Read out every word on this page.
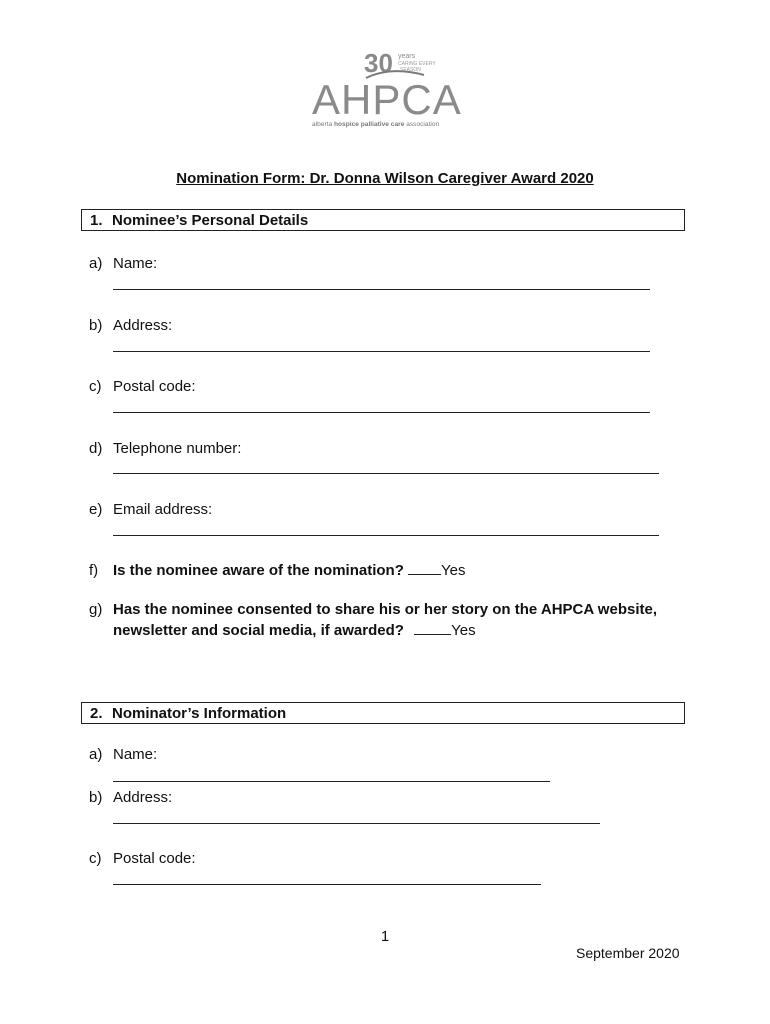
30 years
CARING EVERY
SEASON
AHPCA
alberta hospice palliative care association
Nomination Form: Dr. Donna Wilson Caregiver Award 2020
1. Nominee’s Personal Details
a) Name:
b) Address:
c) Postal code:
d) Telephone number:
e) Email address:
f) Is the nominee aware of the nomination? Yes
g) Has the nominee consented to share his or her story on the AHPCA website,
newsletter and social media, if awarded?	Yes
2. Nominator’s Information
a) Name:
b) Address:
c) Postal code:
1
September 2020
